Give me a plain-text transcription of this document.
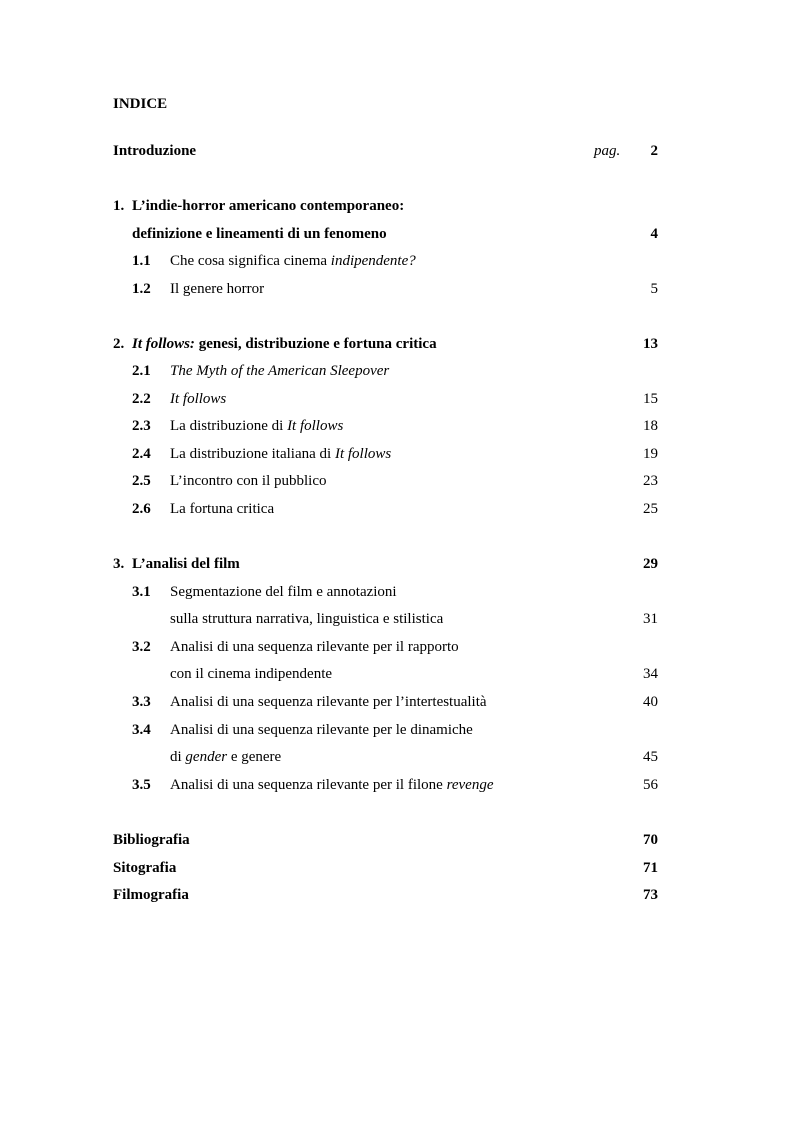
INDICE
Introduzione	pag. 2
1. L’indie-horror americano contemporaneo:
definizione e lineamenti di un fenomeno	4
1.1 Che cosa significa cinema indipendente?
1.2 Il genere horror	5
2. It follows: genesi, distribuzione e fortuna critica	13
2.1 The Myth of the American Sleepover
2.2 It follows	15
2.3 La distribuzione di It follows	18
2.4 La distribuzione italiana di It follows	19
2.5 L’incontro con il pubblico	23
2.6 La fortuna critica	25
3. L’analisi del film	29
3.1 Segmentazione del film e annotazioni
sulla struttura narrativa, linguistica e stilistica	31
3.2 Analisi di una sequenza rilevante per il rapporto
con il cinema indipendente	34
3.3 Analisi di una sequenza rilevante per l’intertestualità	40
3.4 Analisi di una sequenza rilevante per le dinamiche
di gender e genere	45
3.5 Analisi di una sequenza rilevante per il filone revenge	56
Bibliografia	70
Sitografia	71
Filmografia	73
